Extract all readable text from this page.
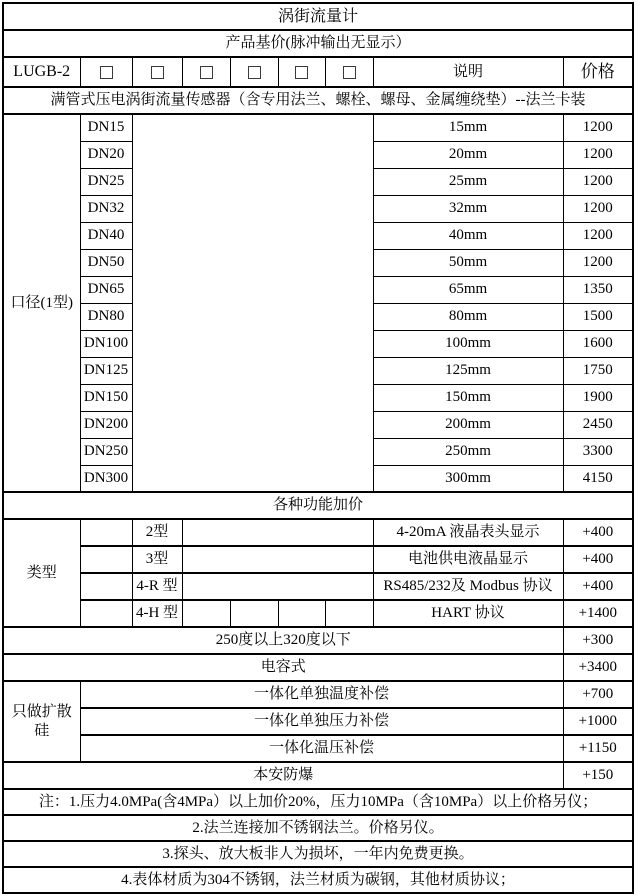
涡街流量计								
产品基价(脉冲输出无显示）								
LUGB-2							说明	价格
满管式压电涡街流量传感器（含专用法兰、螺栓、螺母、金属缠绕垫）--法兰卡装								
口径(1型)	DN15						15mm	1200
	DN20						20mm	1200
	DN25						25mm	1200
	DN32						32mm	1200
	DN40						40mm	1200
	DN50						50mm	1200
	DN65						65mm	1350
	DN80						80mm	1500
	DN100						100mm	1600
	DN125						125mm	1750
	DN150						150mm	1900
	DN200						200mm	2450
	DN250						250mm	3300
	DN300						300mm	4150
各种功能加价								
类型		2型					4-20mA 液晶表头显示	+400
		3型					电池供电液晶显示	+400
		4-R 型					RS485/232及 Modbus 协议	+400
		4-H 型					HART 协议	+1400
250度以上320度以下								+300
电容式								+3400
只做扩散硅	一体化单独温度补偿							+700
	一体化单独压力补偿							+1000
	一体化温压补偿							+1150
本安防爆								+150
注：1.压力4.0MPa(含4MPa）以上加价20%，压力10MPa（含10MPa）以上价格另仪；								
2.法兰连接加不锈钢法兰。价格另仪。								
3.探头、放大板非人为损坏，一年内免费更换。								
4.表体材质为304不锈钢，法兰材质为碳钢，其他材质协议；								
